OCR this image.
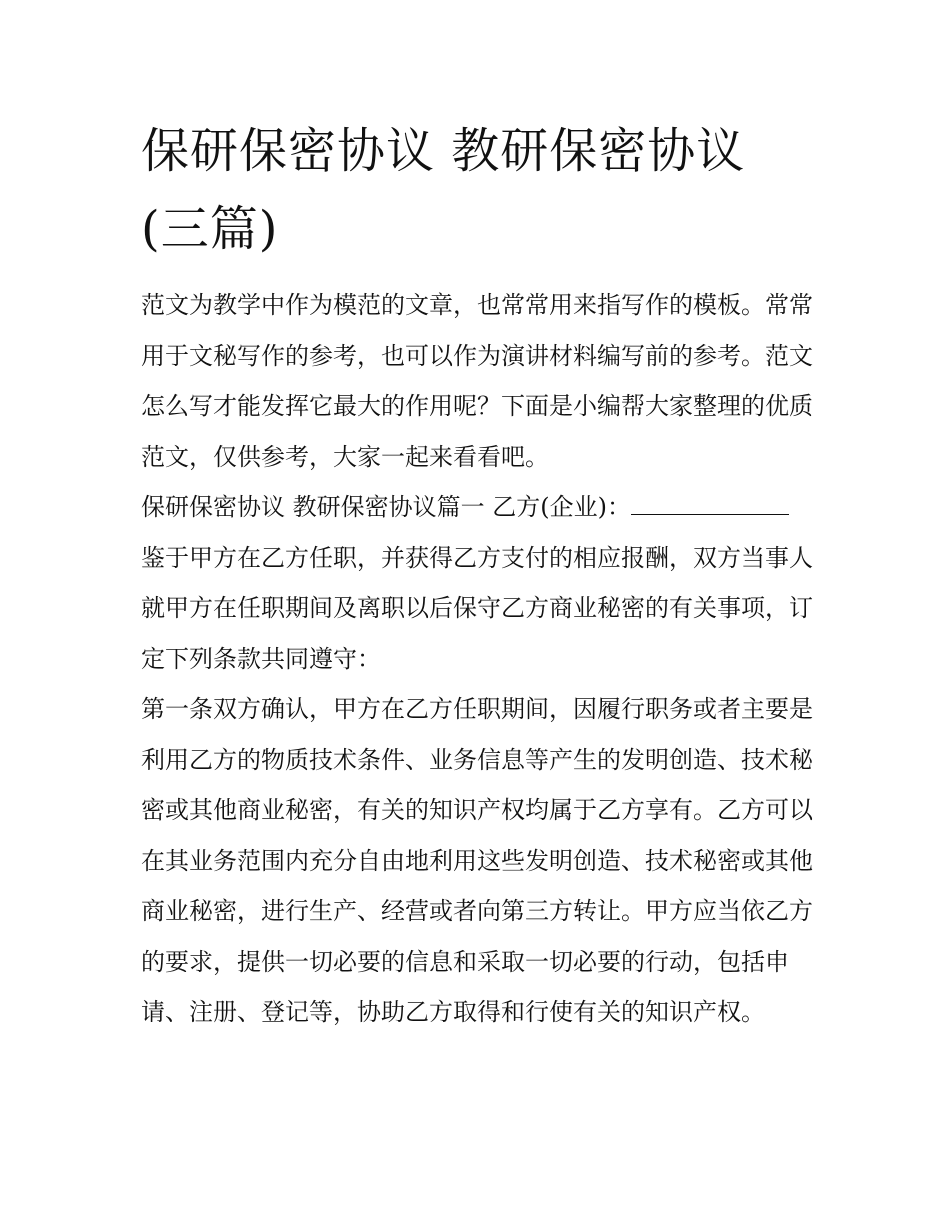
保研保密协议 教研保密协议
(三篇)

范文为教学中作为模范的文章，也常常用来指写作的模板。常常用于文秘写作的参考，也可以作为演讲材料编写前的参考。范文怎么写才能发挥它最大的作用呢？下面是小编帮大家整理的优质范文，仅供参考，大家一起来看看吧。

保研保密协议 教研保密协议篇一 乙方(企业)：

鉴于甲方在乙方任职，并获得乙方支付的相应报酬，双方当事人就甲方在任职期间及离职以后保守乙方商业秘密的有关事项，订定下列条款共同遵守：

第一条双方确认，甲方在乙方任职期间，因履行职务或者主要是利用乙方的物质技术条件、业务信息等产生的发明创造、技术秘密或其他商业秘密，有关的知识产权均属于乙方享有。乙方可以在其业务范围内充分自由地利用这些发明创造、技术秘密或其他商业秘密，进行生产、经营或者向第三方转让。甲方应当依乙方的要求，提供一切必要的信息和采取一切必要的行动，包括申请、注册、登记等，协助乙方取得和行使有关的知识产权。
